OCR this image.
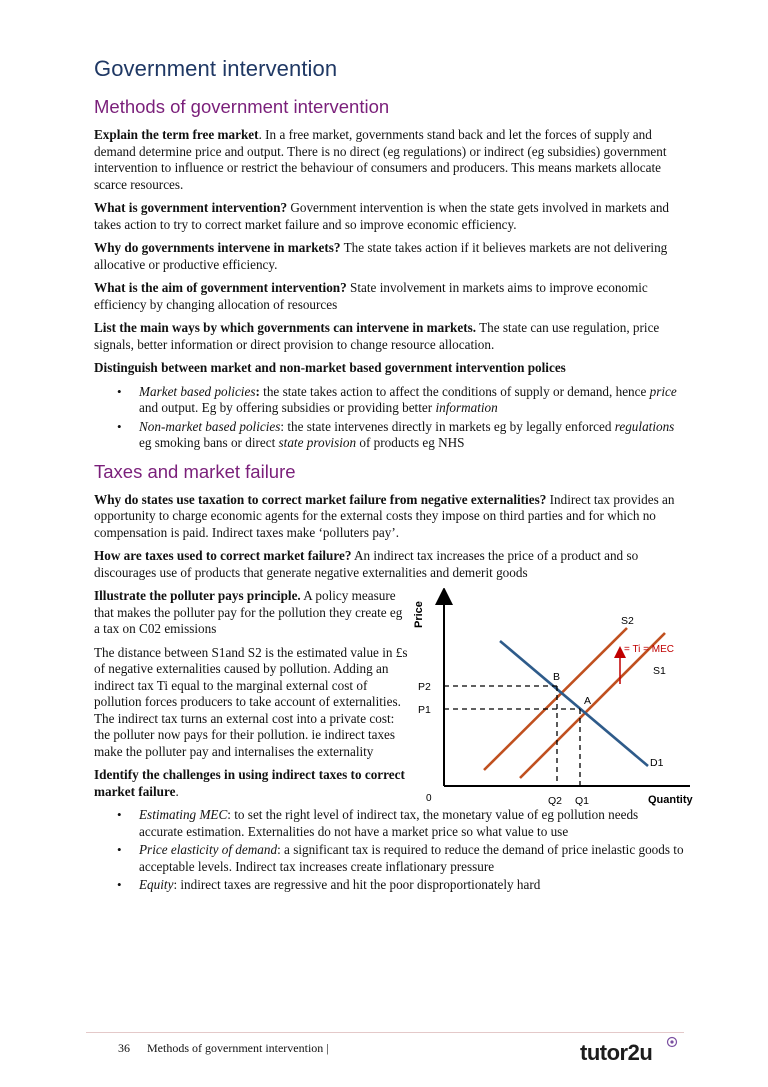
Government intervention
Methods of government intervention

Explain the term free market. In a free market, governments stand back and let the forces of supply and demand determine price and output. There is no direct (eg regulations) or indirect (eg subsidies) government intervention to influence or restrict the behaviour of consumers and producers. This means markets allocate scarce resources.

What is government intervention? Government intervention is when the state gets involved in markets and takes action to try to correct market failure and so improve economic efficiency.

Why do governments intervene in markets? The state takes action if it believes markets are not delivering allocative or productive efficiency.

What is the aim of government intervention? State involvement in markets aims to improve economic efficiency by changing allocation of resources

List the main ways by which governments can intervene in markets. The state can use regulation, price signals, better information or direct provision to change resource allocation.

Distinguish between market and non-market based government intervention polices

• Market based policies: the state takes action to affect the conditions of supply or demand, hence price and output. Eg by offering subsidies or providing better information
• Non-market based policies: the state intervenes directly in markets eg by legally enforced regulations eg smoking bans or direct state provision of products eg NHS
Taxes and market failure

Why do states use taxation to correct market failure from negative externalities? Indirect tax provides an opportunity to charge economic agents for the external costs they impose on third parties and for which no compensation is paid. Indirect taxes make ‘polluters pay’.

How are taxes used to correct market failure? An indirect tax increases the price of a product and so discourages use of products that generate negative externalities and demerit goods

Illustrate the polluter pays principle. A policy measure that makes the polluter pay for the pollution they create eg a tax on C02 emissions

The distance between S1and S2 is the estimated value in £s of negative externalities caused by pollution. Adding an indirect tax Ti equal to the marginal external cost of pollution forces producers to take account of externalities. The indirect tax turns an external cost into a private cost: the polluter now pays for their pollution. ie indirect taxes make the polluter pay and internalises the externality

Identify the challenges in using indirect taxes to correct market failure.

Price
Quantity
0
P2
P1
Q2 Q1
A
B
S2
S1
D1
= Ti = MEC
• Estimating MEC: to set the right level of indirect tax, the monetary value of eg pollution needs accurate estimation. Externalities do not have a market price so what value to use
• Price elasticity of demand: a significant tax is required to reduce the demand of price inelastic goods to acceptable levels. Indirect tax increases create inflationary pressure
• Equity: indirect taxes are regressive and hit the poor disproportionately hard
36 Methods of government intervention |	tutor2u
